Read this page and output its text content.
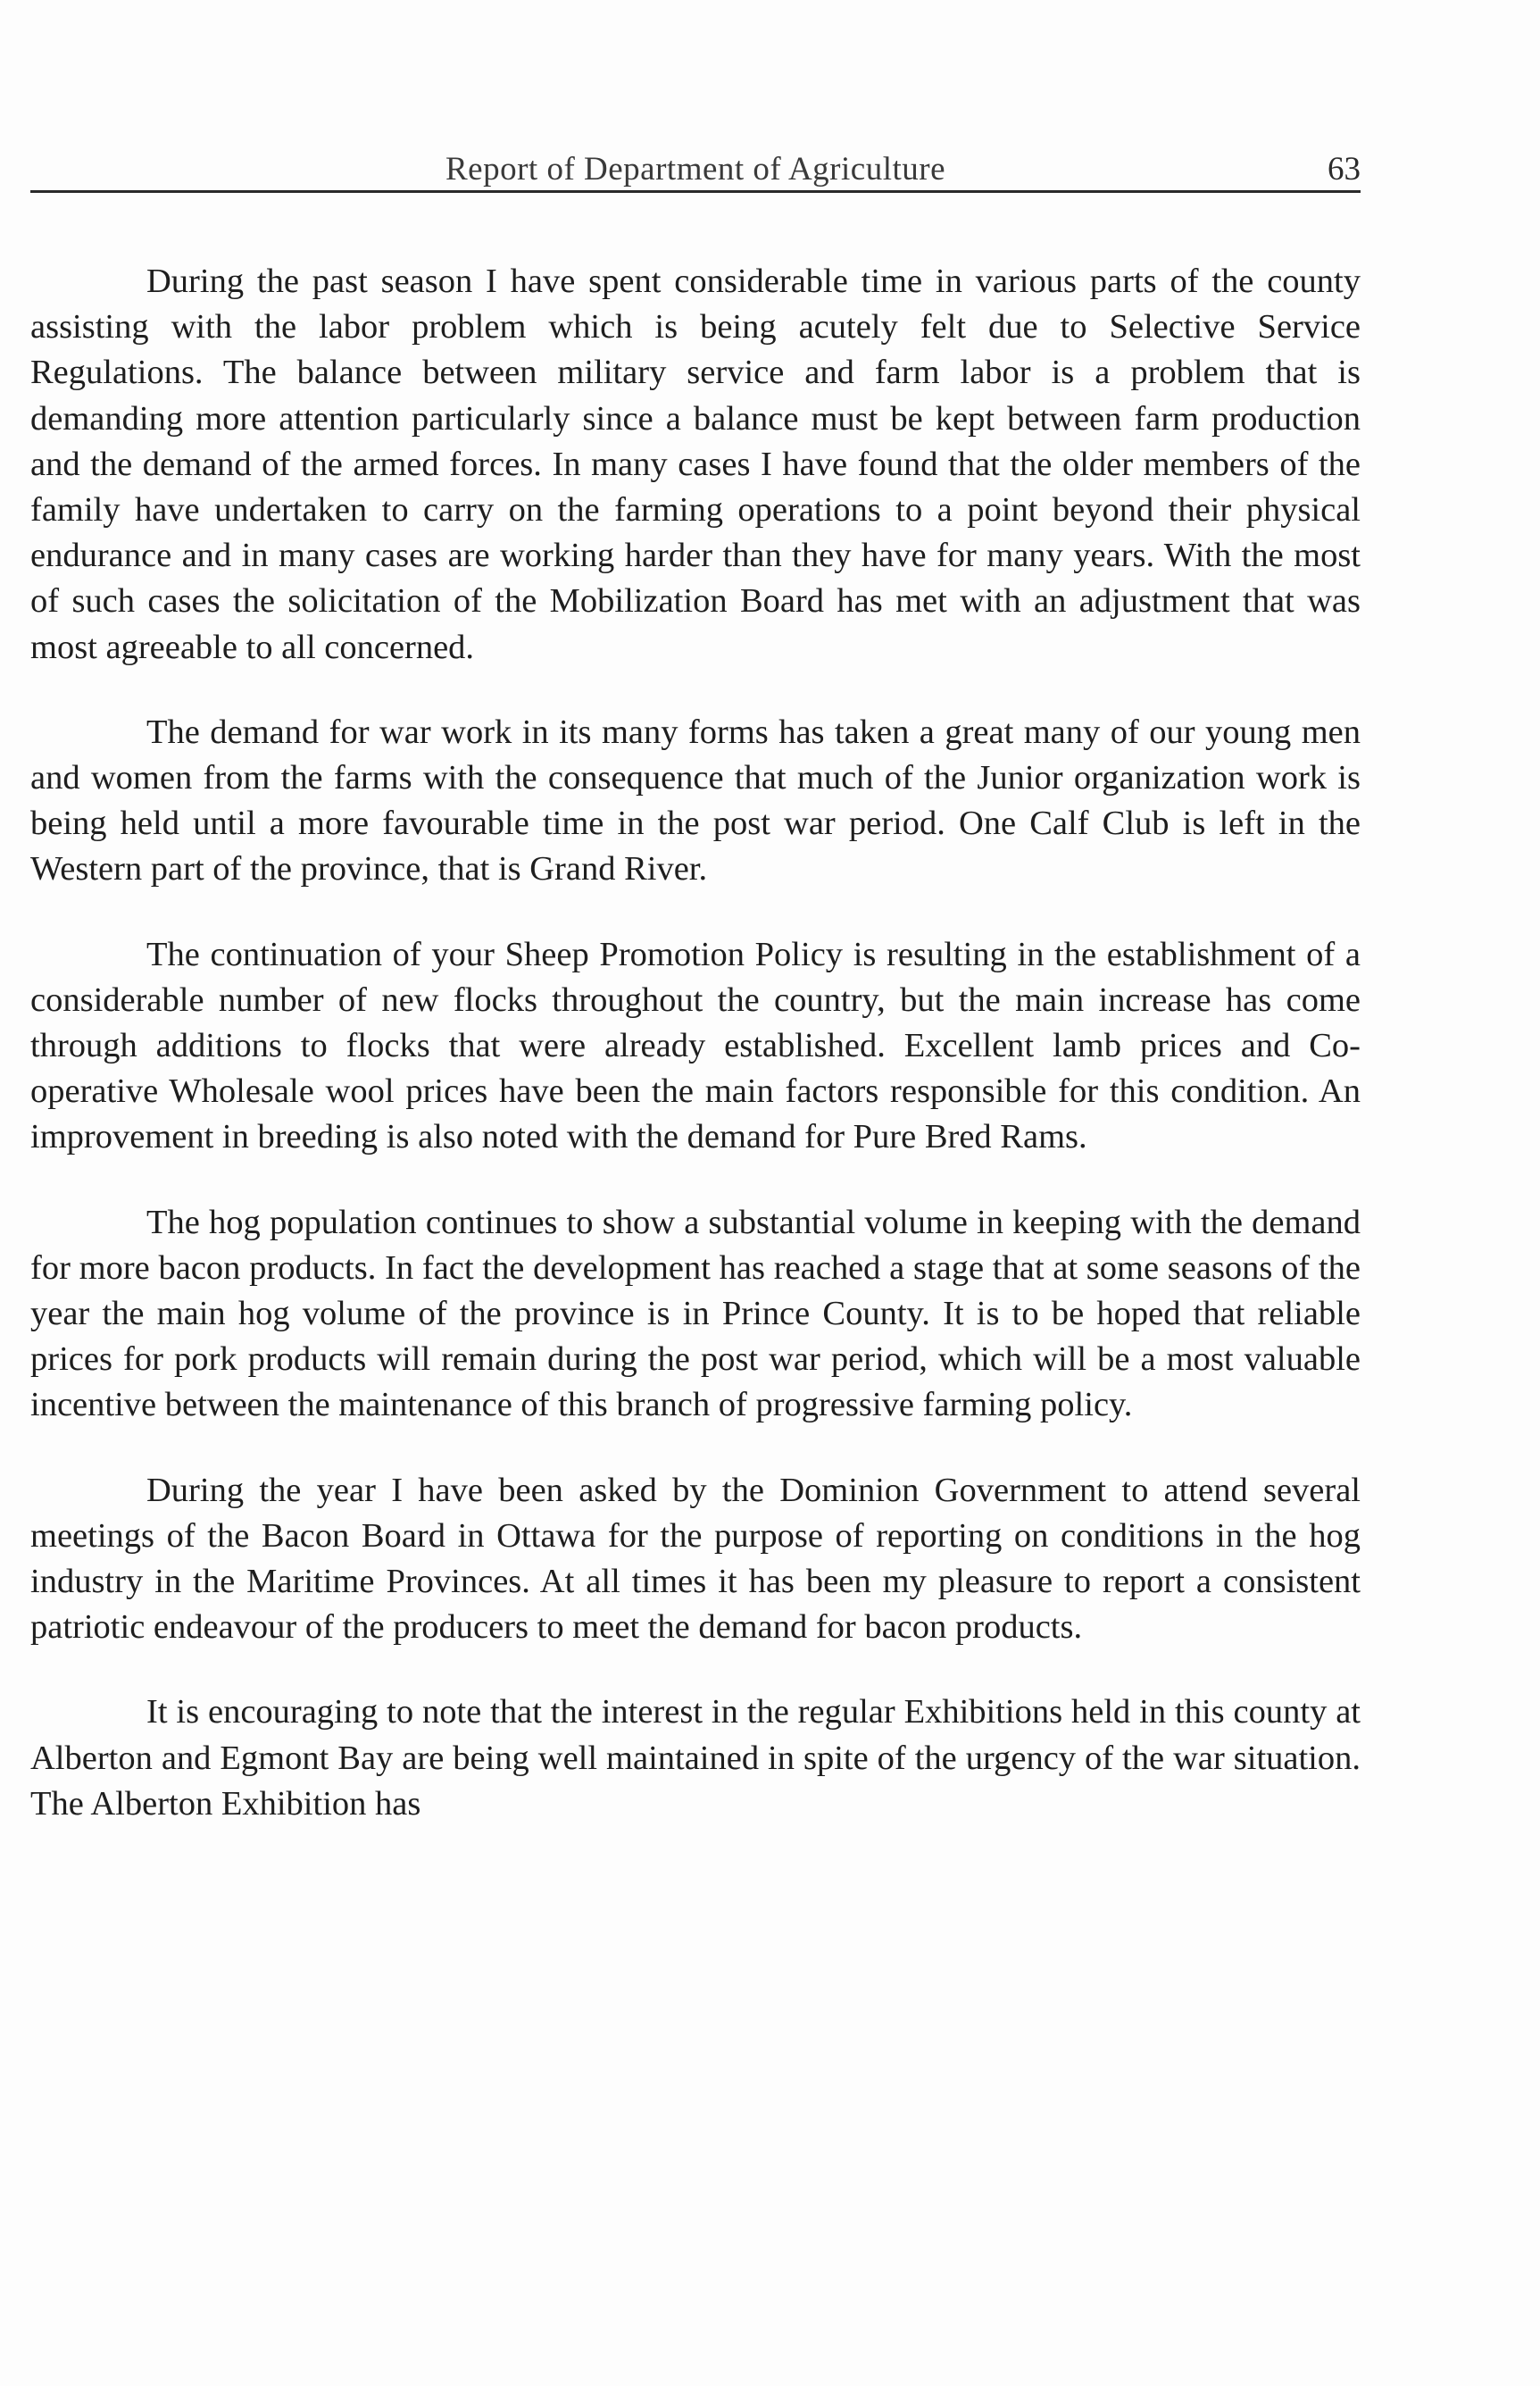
Report of Department of Agriculture	63

During the past season I have spent considerable time in various parts of the county assisting with the labor problem which is being acutely felt due to Selective Service Regulations. The balance between military service and farm labor is a problem that is demanding more attention particularly since a balance must be kept between farm production and the demand of the armed forces. In many cases I have found that the older members of the family have undertaken to carry on the farming operations to a point beyond their physical endurance and in many cases are working harder than they have for many years. With the most of such cases the solicitation of the Mobilization Board has met with an adjustment that was most agreeable to all concerned.

The demand for war work in its many forms has taken a great many of our young men and women from the farms with the consequence that much of the Junior organization work is being held until a more favourable time in the post war period. One Calf Club is left in the Western part of the province, that is Grand River.

The continuation of your Sheep Promotion Policy is resulting in the establishment of a considerable number of new flocks throughout the country, but the main increase has come through additions to flocks that were already established. Excellent lamb prices and Co-operative Wholesale wool prices have been the main factors responsible for this condition. An improvement in breeding is also noted with the demand for Pure Bred Rams.

The hog population continues to show a substantial volume in keeping with the demand for more bacon products. In fact the development has reached a stage that at some seasons of the year the main hog volume of the province is in Prince County. It is to be hoped that reliable prices for pork products will remain during the post war period, which will be a most valuable incentive between the maintenance of this branch of progressive farming policy.

During the year I have been asked by the Dominion Government to attend several meetings of the Bacon Board in Ottawa for the purpose of reporting on conditions in the hog industry in the Maritime Provinces. At all times it has been my pleasure to report a consistent patriotic endeavour of the producers to meet the demand for bacon products.

It is encouraging to note that the interest in the regular Exhibitions held in this county at Alberton and Egmont Bay are being well maintained in spite of the urgency of the war situation. The Alberton Exhibition has
